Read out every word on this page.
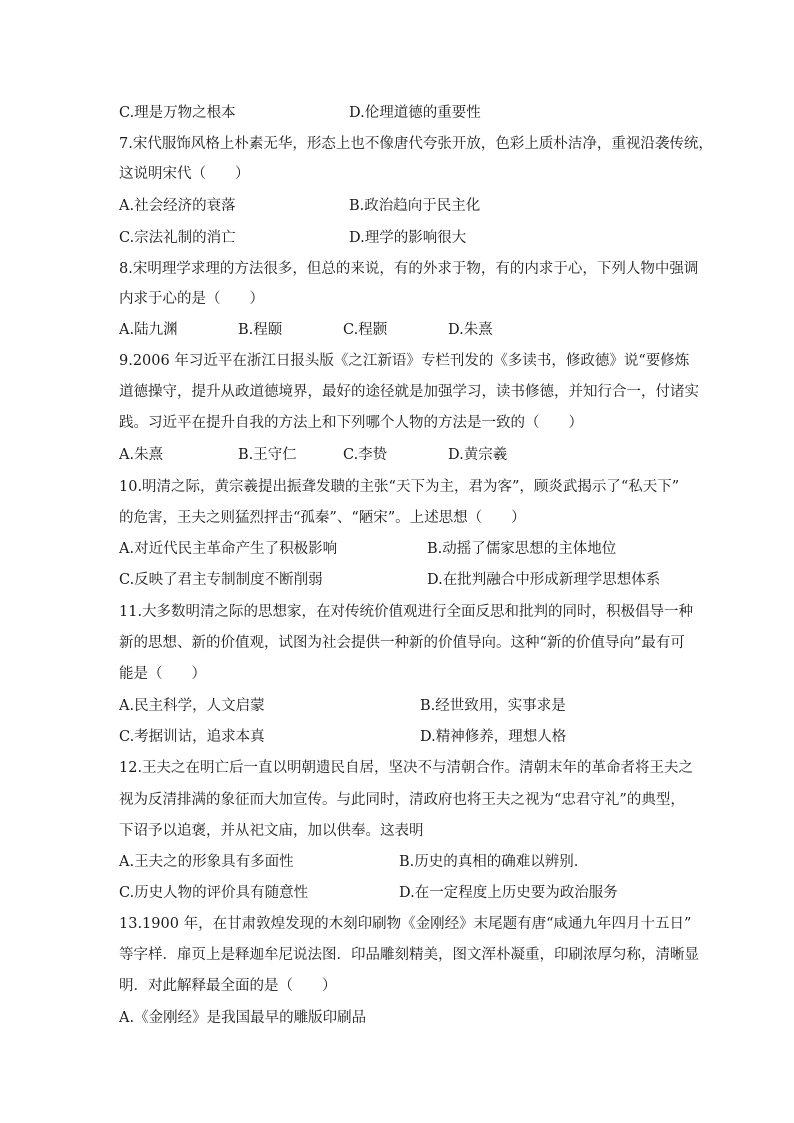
C.理是万物之根本	D.伦理道德的重要性
7.宋代服饰风格上朴素无华，形态上也不像唐代夸张开放，色彩上质朴洁净，重视沿袭传统，
这说明宋代（　　）
A.社会经济的衰落	B.政治趋向于民主化
C.宗法礼制的消亡	D.理学的影响很大
8.宋明理学求理的方法很多，但总的来说，有的外求于物，有的内求于心，下列人物中强调
内求于心的是（　　）
A.陆九渊	B.程颐	C.程颢	D.朱熹
9.2006 年习近平在浙江日报头版《之江新语》专栏刊发的《多读书，修政德》说“要修炼
道德操守，提升从政道德境界，最好的途径就是加强学习，读书修德，并知行合一，付诸实
践。习近平在提升自我的方法上和下列哪个人物的方法是一致的（　　）
A.朱熹	B.王守仁	C.李贽	D.黄宗羲
10.明清之际，黄宗羲提出振聋发聩的主张“天下为主，君为客”，顾炎武揭示了“私天下”
的危害，王夫之则猛烈抨击“孤秦”、“陋宋”。上述思想（　　）
A.对近代民主革命产生了积极影响	B.动摇了儒家思想的主体地位
C.反映了君主专制制度不断削弱	D.在批判融合中形成新理学思想体系
11.大多数明清之际的思想家，在对传统价值观进行全面反思和批判的同时，积极倡导一种
新的思想、新的价值观，试图为社会提供一种新的价值导向。这种“新的价值导向”最有可
能是（　　）
A.民主科学，人文启蒙	B.经世致用，实事求是
C.考据训诂，追求本真	D.精神修养，理想人格
12.王夫之在明亡后一直以明朝遗民自居，坚决不与清朝合作。清朝末年的革命者将王夫之
视为反清排满的象征而大加宣传。与此同时，清政府也将王夫之视为“忠君守礼”的典型，
下诏予以追褒，并从祀文庙，加以供奉。这表明
A.王夫之的形象具有多面性	B.历史的真相的确难以辨别.
C.历史人物的评价具有随意性	D.在一定程度上历史要为政治服务
13.1900 年，在甘肃敦煌发现的木刻印刷物《金刚经》末尾题有唐“咸通九年四月十五日”
等字样．扉页上是释迦牟尼说法图．印品雕刻精美，图文浑朴凝重，印刷浓厚匀称，清晰显
明．对此解释最全面的是（　　）
A.《金刚经》是我国最早的雕版印刷品
